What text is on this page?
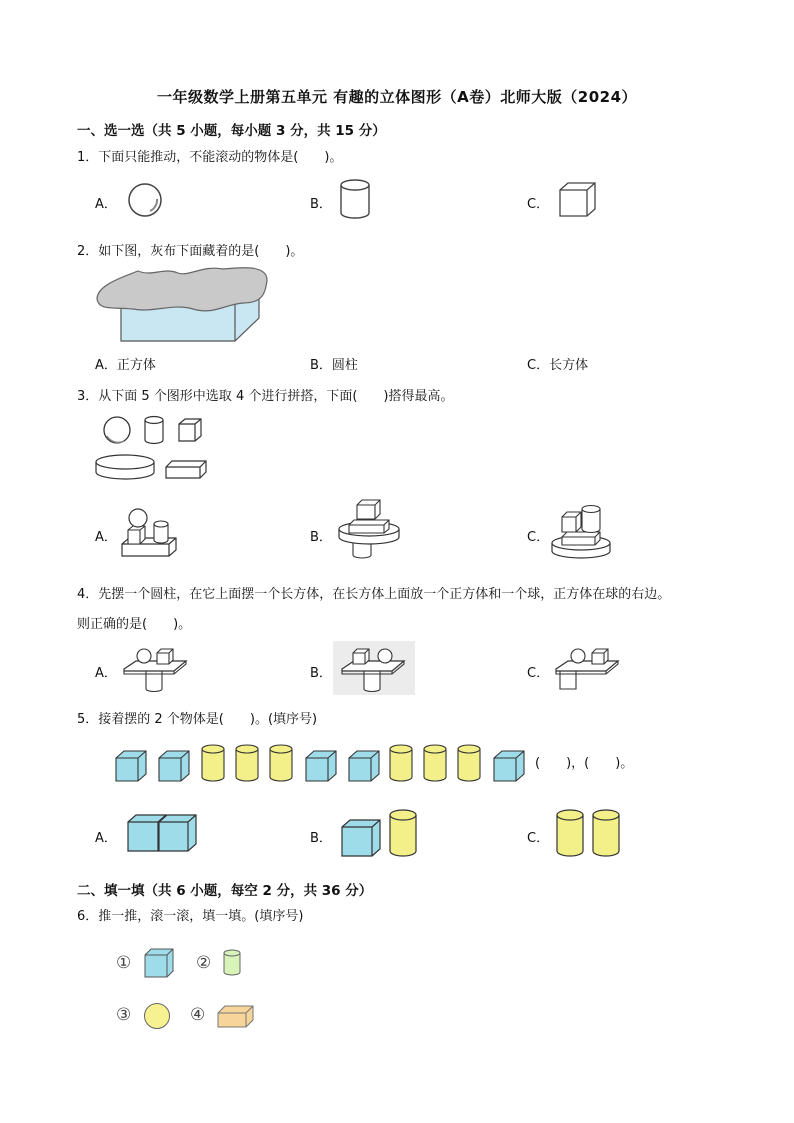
一年级数学上册第五单元 有趣的立体图形（A卷）北师大版（2024）
一、选一选（共 5 小题，每小题 3 分，共 15 分）
1．下面只能推动，不能滚动的物体是(　　)。
A．	B．	C．
2．如下图，灰布下面藏着的是(　　)。
A．正方体	B．圆柱	C．长方体
3．从下面 5 个图形中选取 4 个进行拼搭，下面(　　)搭得最高。
A．	B．	C．
4．先摆一个圆柱，在它上面摆一个长方体，在长方体上面放一个正方体和一个球，正方体在球的右边。
则正确的是(　　)。
A．	B．	C．
5．接着摆的 2 个物体是(　　)。(填序号)
(　　)，(　　)。
A．	B．	C．
二、填一填（共 6 小题，每空 2 分，共 36 分）
6．推一推，滚一滚，填一填。(填序号)
①	②
③	④
